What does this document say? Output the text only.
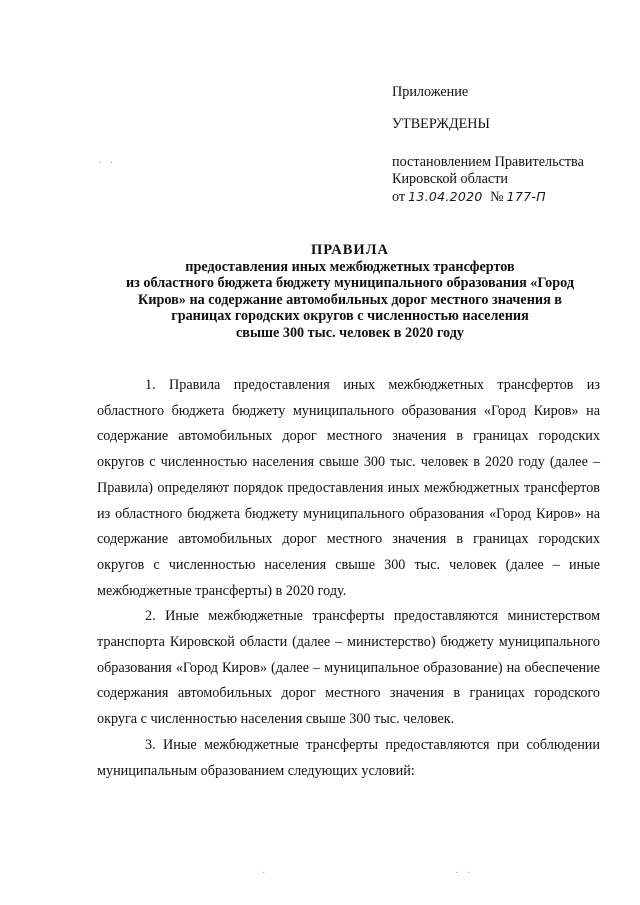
Приложение
УТВЕРЖДЕНЫ
постановлением Правительства
Кировской области
от 13.04.2020 № 177-П
ПРАВИЛА
предоставления иных межбюджетных трансфертов
из областного бюджета бюджету муниципального образования «Город
Киров» на содержание автомобильных дорог местного значения в
границах городских округов с численностью населения
свыше 300 тыс. человек в 2020 году

1. Правила предоставления иных межбюджетных трансфертов из областного бюджета бюджету муниципального образования «Город Киров» на содержание автомобильных дорог местного значения в границах городских округов с численностью населения свыше 300 тыс. человек в 2020 году (далее – Правила) определяют порядок предоставления иных межбюджетных трансфертов из областного бюджета бюджету муниципального образования «Город Киров» на содержание автомобильных дорог местного значения в границах городских округов с численностью населения свыше 300 тыс. человек (далее – иные межбюджетные трансферты) в 2020 году.

2. Иные межбюджетные трансферты предоставляются министерством транспорта Кировской области (далее – министерство) бюджету муниципального образования «Город Киров» (далее – муниципальное образование) на обеспечение содержания автомобильных дорог местного значения в границах городского округа с численностью населения свыше 300 тыс. человек.

3. Иные межбюджетные трансферты предоставляются при соблюдении муниципальным образованием следующих условий:

· ·
· ·
·
